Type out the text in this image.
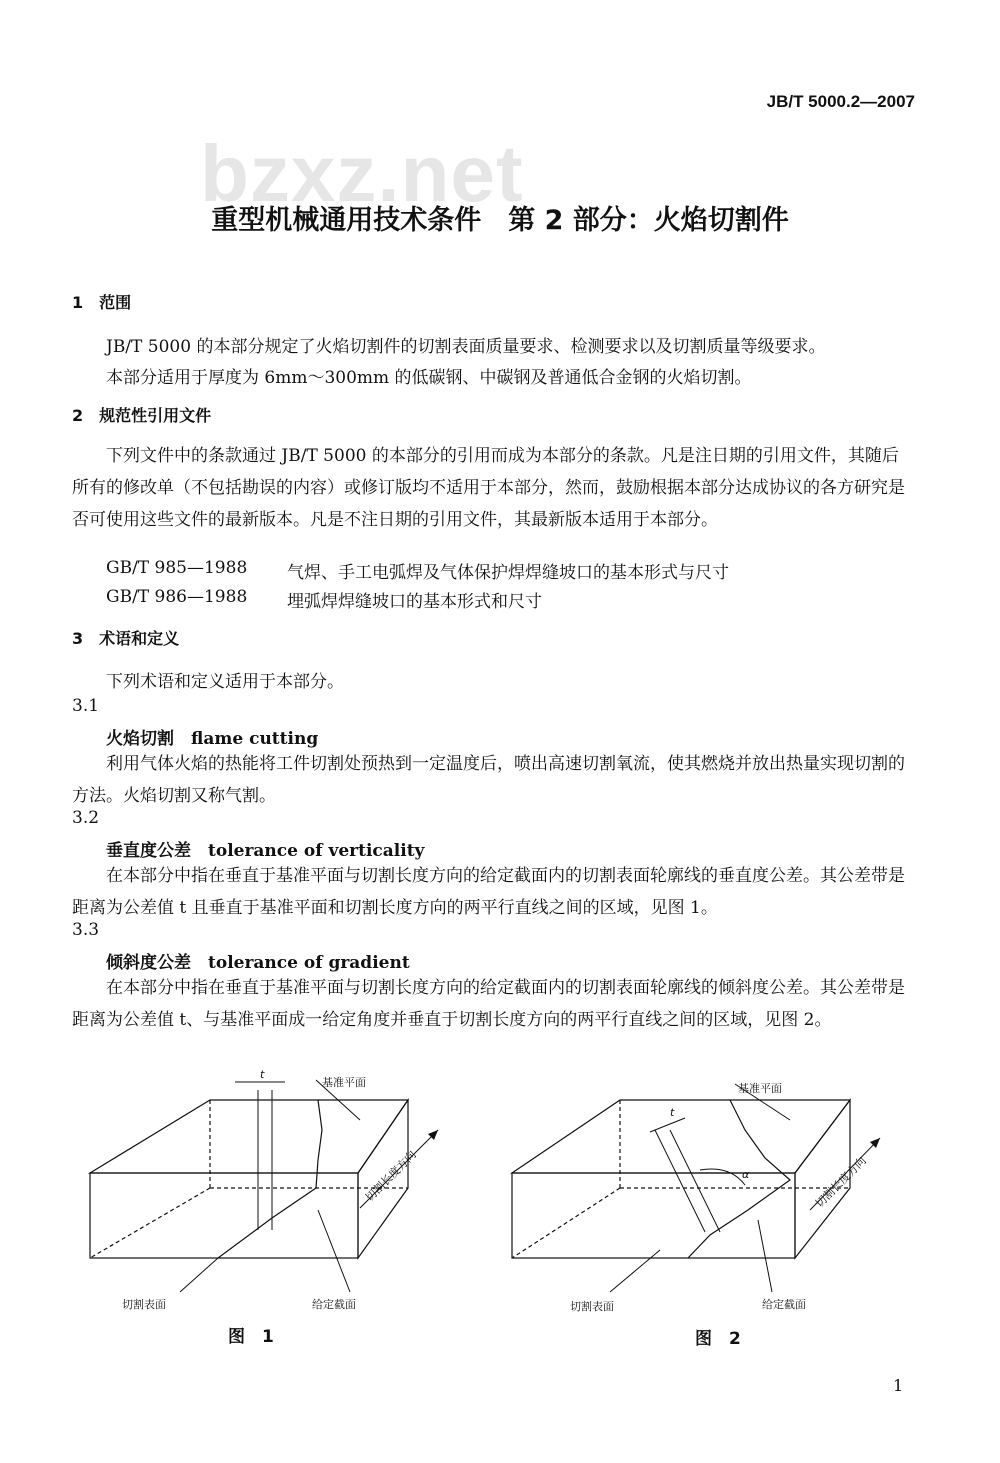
JB/T 5000.2—2007
bzxz.net
重型机械通用技术条件　第 2 部分：火焰切割件
1　范围
JB/T 5000 的本部分规定了火焰切割件的切割表面质量要求、检测要求以及切割质量等级要求。
本部分适用于厚度为 6mm～300mm 的低碳钢、中碳钢及普通低合金钢的火焰切割。
2　规范性引用文件
下列文件中的条款通过 JB/T 5000 的本部分的引用而成为本部分的条款。凡是注日期的引用文件，其随后所有的修改单（不包括勘误的内容）或修订版均不适用于本部分，然而，鼓励根据本部分达成协议的各方研究是否可使用这些文件的最新版本。凡是不注日期的引用文件，其最新版本适用于本部分。
GB/T 985—1988 气焊、手工电弧焊及气体保护焊焊缝坡口的基本形式与尺寸
GB/T 986—1988 埋弧焊焊缝坡口的基本形式和尺寸
3　术语和定义
下列术语和定义适用于本部分。
3.1
火焰切割　 flame cutting
利用气体火焰的热能将工件切割处预热到一定温度后，喷出高速切割氧流，使其燃烧并放出热量实现切割的方法。火焰切割又称气割。
3.2
垂直度公差　 tolerance of verticality
在本部分中指在垂直于基准平面与切割长度方向的给定截面内的切割表面轮廓线的垂直度公差。其公差带是距离为公差值 t 且垂直于基准平面和切割长度方向的两平行直线之间的区域，见图 1。
3.3
倾斜度公差　 tolerance of gradient
在本部分中指在垂直于基准平面与切割长度方向的给定截面内的切割表面轮廓线的倾斜度公差。其公差带是距离为公差值 t、与基准平面成一给定角度并垂直于切割长度方向的两平行直线之间的区域，见图 2。
基准平面
t
切割长度方向
切割表面	给定截面
图　1
基准平面
t
α	切割长度方向
切割表面	给定截面
图　2
1
